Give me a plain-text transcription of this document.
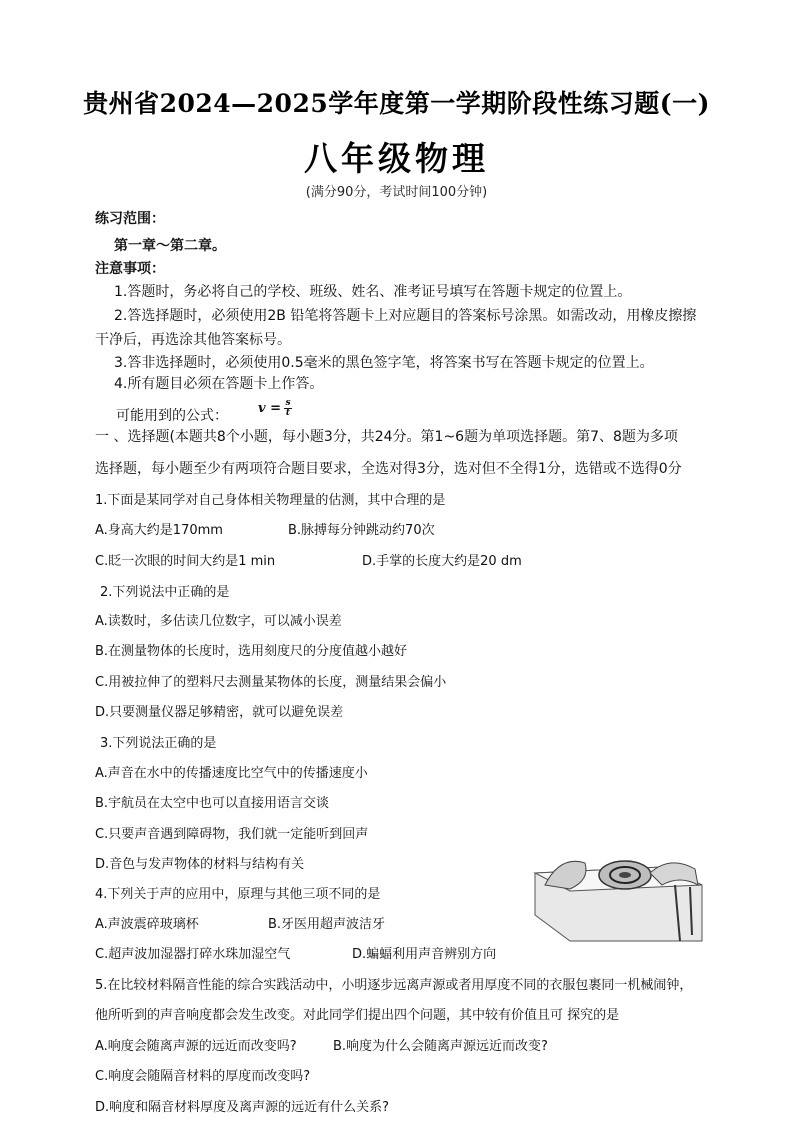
贵州省2024—2025学年度第一学期阶段性练习题(一)
八年级物理
(满分90分，考试时间100分钟)
练习范围：
第一章～第二章。
注意事项：
1.答题时，务必将自己的学校、班级、姓名、准考证号填写在答题卡规定的位置上。
2.答选择题时，必须使用2B 铅笔将答题卡上对应题目的答案标号涂黑。如需改动，用橡皮擦擦
干净后，再选涂其他答案标号。
3.答非选择题时，必须使用0.5毫米的黑色签字笔，将答案书写在答题卡规定的位置上。
4.所有题目必须在答题卡上作答。
可能用到的公式： $v = \frac{s}{t}$
一 、选择题(本题共8个小题，每小题3分，共24分。第1~6题为单项选择题。第7、8题为多项
选择题，每小题至少有两项符合题目要求，全选对得3分，选对但不全得1分，选错或不选得0分
1.下面是某同学对自己身体相关物理量的估测，其中合理的是
A.身高大约是170mm	B.脉搏每分钟跳动约70次
C.眨一次眼的时间大约是1 min	D.手掌的长度大约是20 dm
2.下列说法中正确的是
A.读数时，多估读几位数字，可以减小误差
B.在测量物体的长度时，选用刻度尺的分度值越小越好
C.用被拉伸了的塑料尺去测量某物体的长度，测量结果会偏小
D.只要测量仪器足够精密，就可以避免误差
3.下列说法正确的是
A.声音在水中的传播速度比空气中的传播速度小
B.宇航员在太空中也可以直接用语言交谈
C.只要声音遇到障碍物，我们就一定能听到回声
D.音色与发声物体的材料与结构有关
4.下列关于声的应用中，原理与其他三项不同的是
A.声波震碎玻璃杯	B.牙医用超声波洁牙
C.超声波加湿器打碎水珠加湿空气	D.蝙蝠利用声音辨别方向
5.在比较材料隔音性能的综合实践活动中，小明逐步远离声源或者用厚度不同的衣服包裹同一机械闹钟，
他所听到的声音响度都会发生改变。对此同学们提出四个问题，其中较有价值且可 探究的是
A.响度会随离声源的远近而改变吗?	B.响度为什么会随离声源远近而改变?
C.响度会随隔音材料的厚度而改变吗?
D.响度和隔音材料厚度及离声源的远近有什么关系?
